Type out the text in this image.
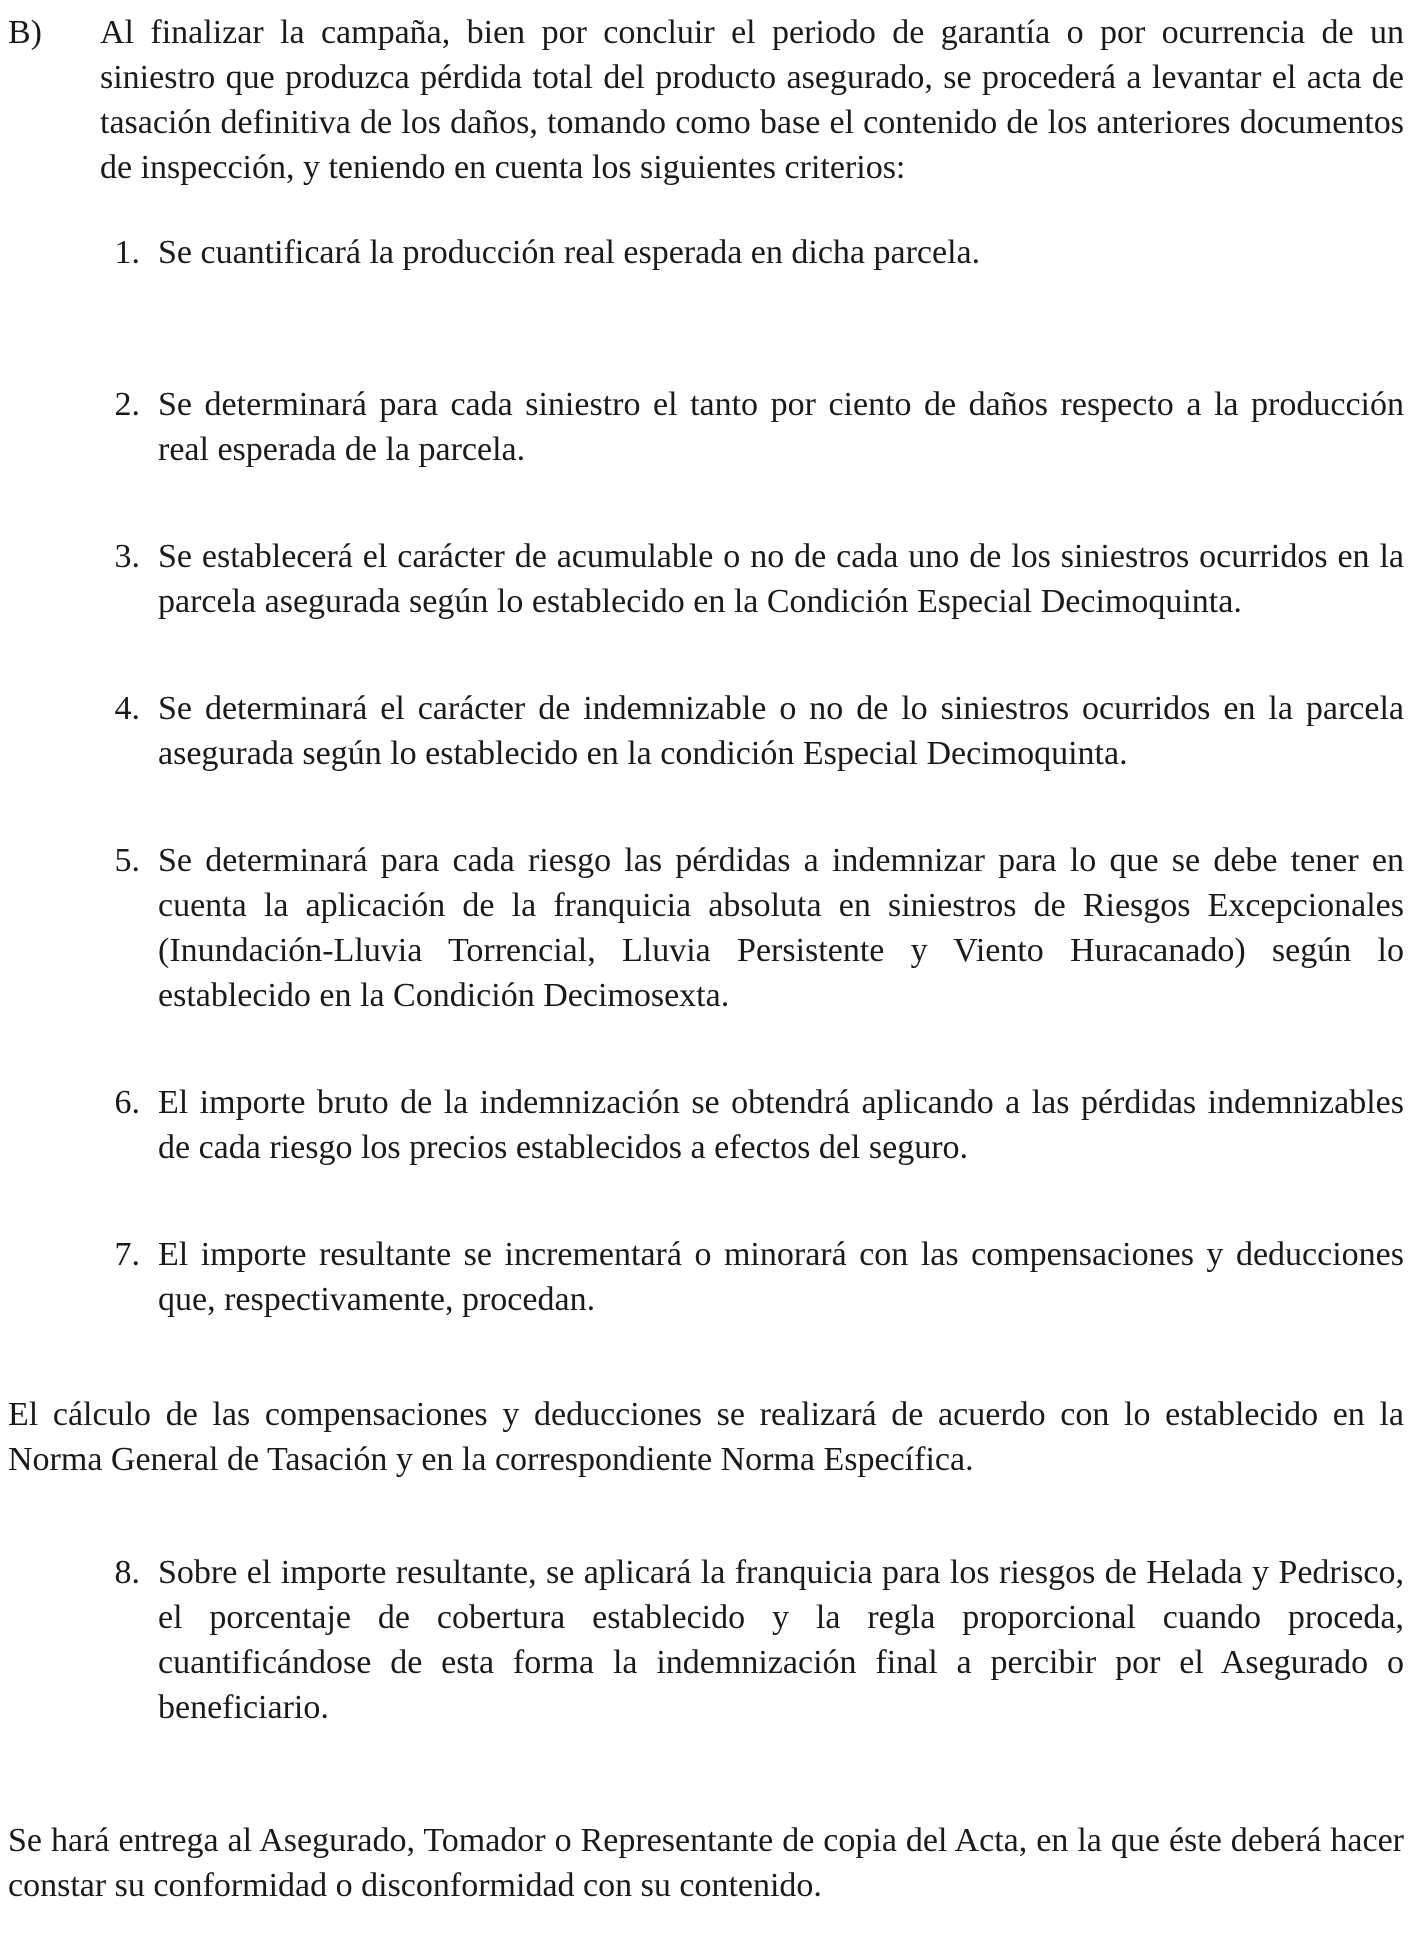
B) Al finalizar la campaña, bien por concluir el periodo de garantía o por ocurrencia de un siniestro que produzca pérdida total del producto asegurado, se procederá a levantar el acta de tasación definitiva de los daños, tomando como base el contenido de los anteriores documentos de inspección, y teniendo en cuenta los siguientes criterios:
1. Se cuantificará la producción real esperada en dicha parcela.
2. Se determinará para cada siniestro el tanto por ciento de daños respecto a la producción real esperada de la parcela.
3. Se establecerá el carácter de acumulable o no de cada uno de los siniestros ocurridos en la parcela asegurada según lo establecido en la Condición Especial Decimoquinta.
4. Se determinará el carácter de indemnizable o no de lo siniestros ocurridos en la parcela asegurada según lo establecido en la condición Especial Decimoquinta.
5. Se determinará para cada riesgo las pérdidas a indemnizar para lo que se debe tener en cuenta la aplicación de la franquicia absoluta en siniestros de Riesgos Excepcionales (Inundación-Lluvia Torrencial, Lluvia Persistente y Viento Huracanado) según lo establecido en la Condición Decimosexta.
6. El importe bruto de la indemnización se obtendrá aplicando a las pérdidas indemnizables de cada riesgo los precios establecidos a efectos del seguro.
7. El importe resultante se incrementará o minorará con las compensaciones y deducciones que, respectivamente, procedan.
El cálculo de las compensaciones y deducciones se realizará de acuerdo con lo establecido en la Norma General de Tasación y en la correspondiente Norma Específica.
8. Sobre el importe resultante, se aplicará la franquicia para los riesgos de Helada y Pedrisco, el porcentaje de cobertura establecido y la regla proporcional cuando proceda, cuantificándose de esta forma la indemnización final a percibir por el Asegurado o beneficiario.
Se hará entrega al Asegurado, Tomador o Representante de copia del Acta, en la que éste deberá hacer constar su conformidad o disconformidad con su contenido.
